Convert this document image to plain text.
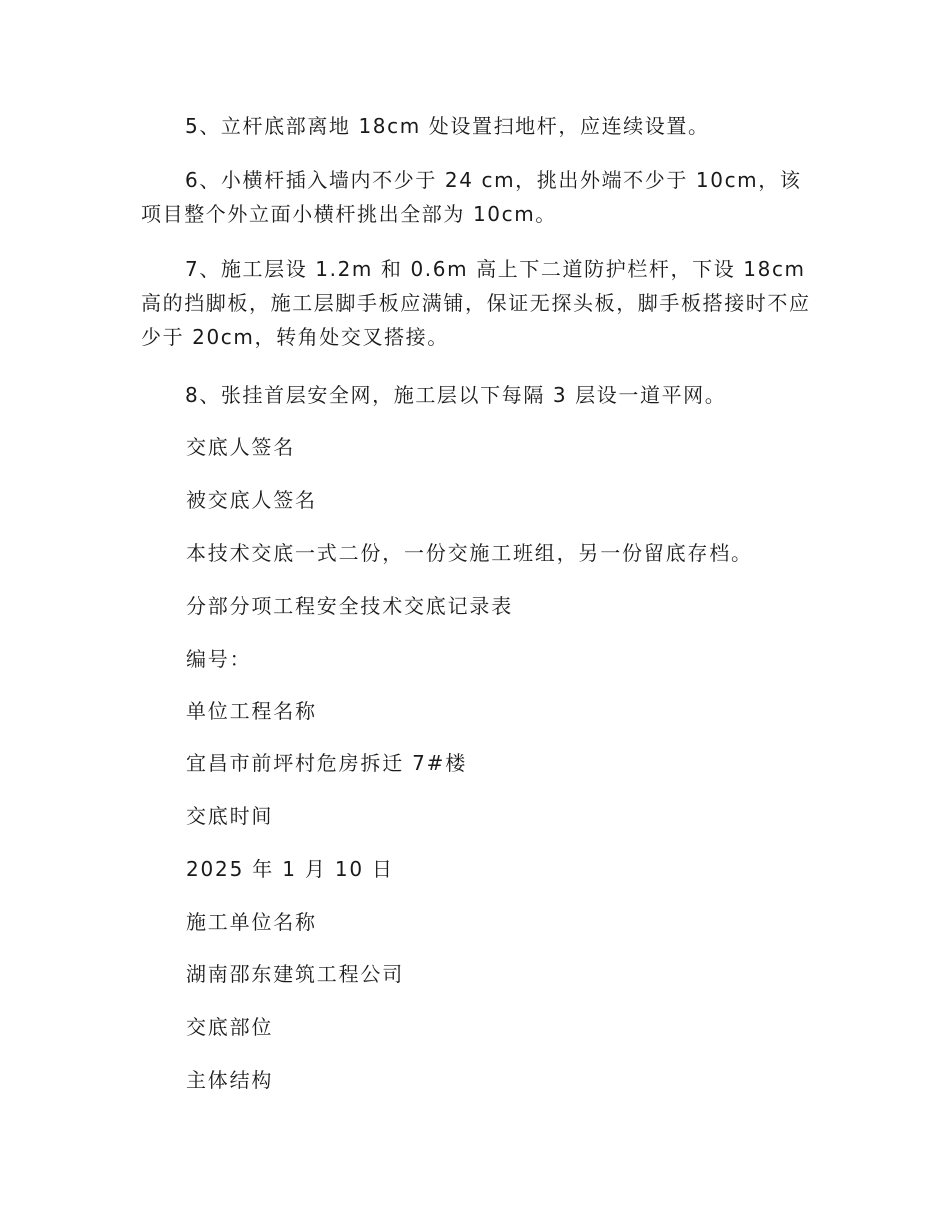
5、立杆底部离地 18cm 处设置扫地杆，应连续设置。

6、小横杆插入墙内不少于 24 cm，挑出外端不少于 10cm，该项目整个外立面小横杆挑出全部为 10cm。

7、施工层设 1.2m 和 0.6m 高上下二道防护栏杆，下设 18cm 高的挡脚板，施工层脚手板应满铺，保证无探头板，脚手板搭接时不应少于 20cm，转角处交叉搭接。

8、张挂首层安全网，施工层以下每隔 3 层设一道平网。

交底人签名

被交底人签名

本技术交底一式二份，一份交施工班组，另一份留底存档。

分部分项工程安全技术交底记录表

编号：

单位工程名称

宜昌市前坪村危房拆迁 7#楼

交底时间

2025 年 1 月 10 日

施工单位名称

湖南邵东建筑工程公司

交底部位

主体结构
